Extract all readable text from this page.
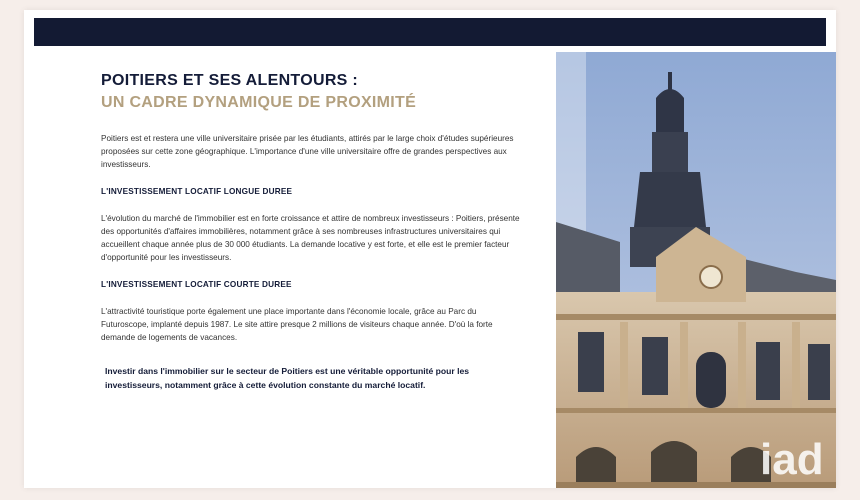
POITIERS ET SES ALENTOURS :
UN CADRE DYNAMIQUE DE PROXIMITÉ

Poitiers est et restera une ville universitaire prisée par les étudiants, attirés par le large choix d'études supérieures proposées sur cette zone géographique. L'importance d'une ville universitaire offre de grandes perspectives aux investisseurs.

L'INVESTISSEMENT LOCATIF LONGUE DUREE

L'évolution du marché de l'immobilier est en forte croissance et attire de nombreux investisseurs : Poitiers, présente des opportunités d'affaires immobilières, notamment grâce à ses nombreuses infrastructures universitaires qui accueillent chaque année plus de 30 000 étudiants. La demande locative y est forte, et elle est le premier facteur d'opportunité pour les investisseurs.

L'INVESTISSEMENT LOCATIF COURTE DUREE

L'attractivité touristique porte également une place importante dans l'économie locale, grâce au Parc du Futuroscope, implanté depuis 1987. Le site attire presque 2 millions de visiteurs chaque année. D'où la forte demande de logements de vacances.

Investir dans l'immobilier sur le secteur de Poitiers est une véritable opportunité pour les investisseurs, notamment grâce à cette évolution constante du marché locatif.

iad
